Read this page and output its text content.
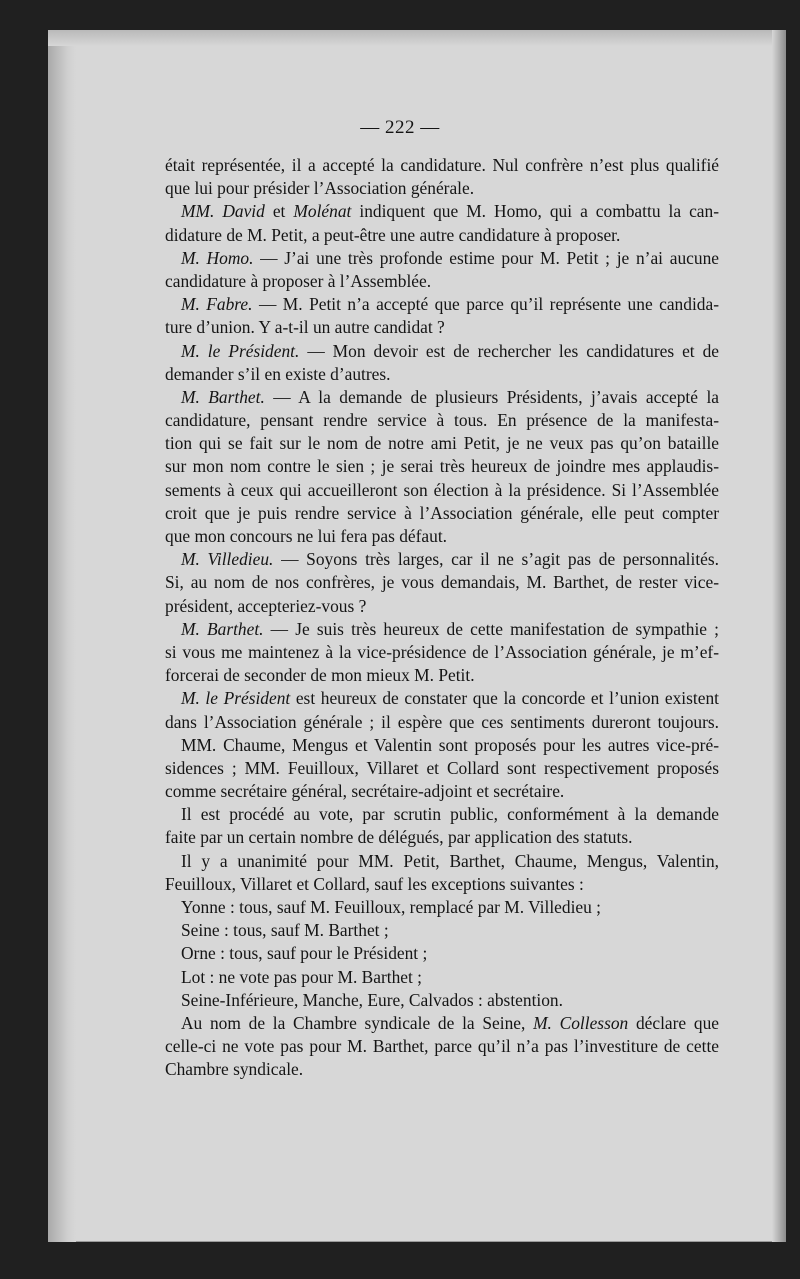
— 222 —
était représentée, il a accepté la candidature. Nul confrère n’est plus qualifié
que lui pour présider l’Association générale.
MM. David et Molénat indiquent que M. Homo, qui a combattu la can-
didature de M. Petit, a peut-être une autre candidature à proposer.
M. Homo. — J’ai une très profonde estime pour M. Petit ; je n’ai aucune
candidature à proposer à l’Assemblée.
M. Fabre. — M. Petit n’a accepté que parce qu’il représente une candida-
ture d’union. Y a-t-il un autre candidat ?
M. le Président. — Mon devoir est de rechercher les candidatures et de
demander s’il en existe d’autres.
M. Barthet. — A la demande de plusieurs Présidents, j’avais accepté la
candidature, pensant rendre service à tous. En présence de la manifesta-
tion qui se fait sur le nom de notre ami Petit, je ne veux pas qu’on bataille
sur mon nom contre le sien ; je serai très heureux de joindre mes applaudis-
sements à ceux qui accueilleront son élection à la présidence. Si l’Assemblée
croit que je puis rendre service à l’Association générale, elle peut compter
que mon concours ne lui fera pas défaut.
M. Villedieu. — Soyons très larges, car il ne s’agit pas de personnalités.
Si, au nom de nos confrères, je vous demandais, M. Barthet, de rester vice-
président, accepteriez-vous ?
M. Barthet. — Je suis très heureux de cette manifestation de sympathie ;
si vous me maintenez à la vice-présidence de l’Association générale, je m’ef-
forcerai de seconder de mon mieux M. Petit.
M. le Président est heureux de constater que la concorde et l’union existent
dans l’Association générale ; il espère que ces sentiments dureront toujours.
MM. Chaume, Mengus et Valentin sont proposés pour les autres vice-pré-
sidences ; MM. Feuilloux, Villaret et Collard sont respectivement proposés
comme secrétaire général, secrétaire-adjoint et secrétaire.
Il est procédé au vote, par scrutin public, conformément à la demande
faite par un certain nombre de délégués, par application des statuts.
Il y a unanimité pour MM. Petit, Barthet, Chaume, Mengus, Valentin,
Feuilloux, Villaret et Collard, sauf les exceptions suivantes :
Yonne : tous, sauf M. Feuilloux, remplacé par M. Villedieu ;
Seine : tous, sauf M. Barthet ;
Orne : tous, sauf pour le Président ;
Lot : ne vote pas pour M. Barthet ;
Seine-Inférieure, Manche, Eure, Calvados : abstention.
Au nom de la Chambre syndicale de la Seine, M. Collesson déclare que
celle-ci ne vote pas pour M. Barthet, parce qu’il n’a pas l’investiture de cette
Chambre syndicale.
